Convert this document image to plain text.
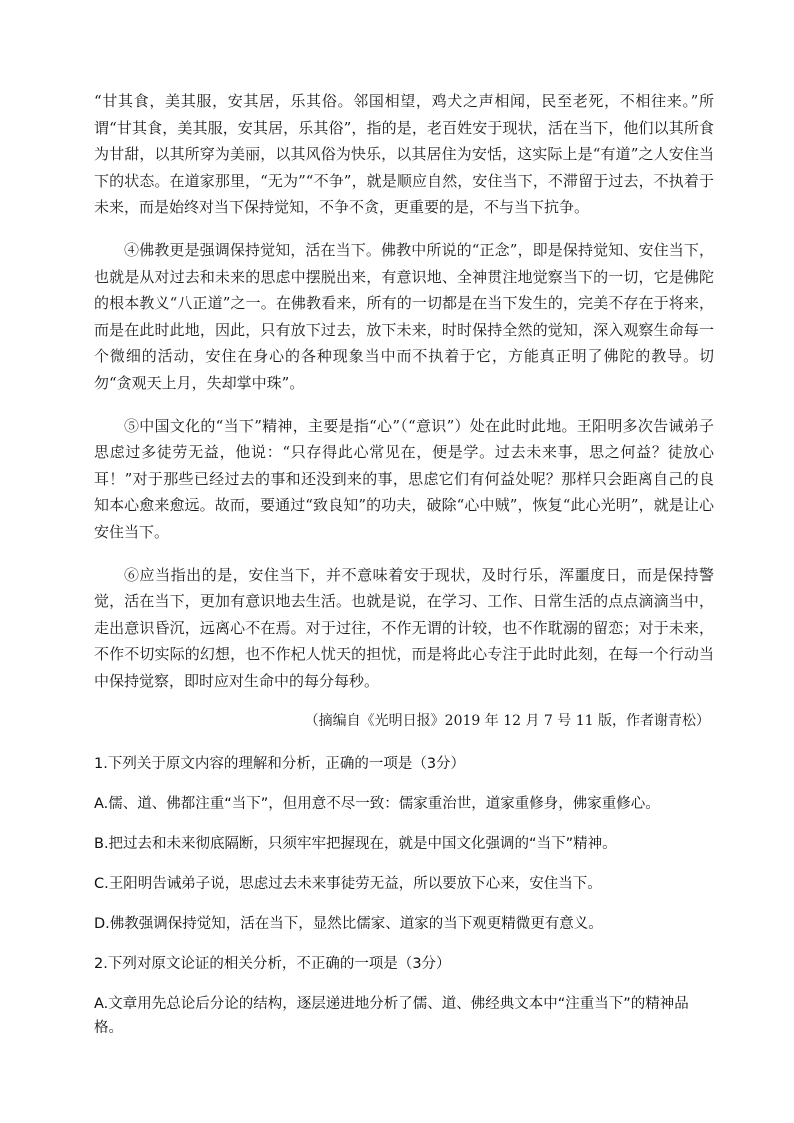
“甘其食，美其服，安其居，乐其俗。邻国相望，鸡犬之声相闻，民至老死，不相往来。”所谓“甘其食，美其服，安其居，乐其俗”，指的是，老百姓安于现状，活在当下，他们以其所食为甘甜，以其所穿为美丽，以其风俗为快乐，以其居住为安恬，这实际上是“有道”之人安住当下的状态。在道家那里，“无为”“不争”，就是顺应自然，安住当下，不滞留于过去，不执着于未来，而是始终对当下保持觉知，不争不贪，更重要的是，不与当下抗争。

④佛教更是强调保持觉知，活在当下。佛教中所说的“正念”，即是保持觉知、安住当下，也就是从对过去和未来的思虑中摆脱出来，有意识地、全神贯注地觉察当下的一切，它是佛陀的根本教义“八正道”之一。在佛教看来，所有的一切都是在当下发生的，完美不存在于将来，而是在此时此地，因此，只有放下过去，放下未来，时时保持全然的觉知，深入观察生命每一个微细的活动，安住在身心的各种现象当中而不执着于它，方能真正明了佛陀的教导。切勿“贪观天上月，失却掌中珠”。

⑤中国文化的“当下”精神，主要是指“心”（“意识”）处在此时此地。王阳明多次告诫弟子思虑过多徒劳无益，他说：“只存得此心常见在，便是学。过去未来事，思之何益？徒放心耳！”对于那些已经过去的事和还没到来的事，思虑它们有何益处呢？那样只会距离自己的良知本心愈来愈远。故而，要通过“致良知”的功夫，破除“心中贼”，恢复“此心光明”，就是让心安住当下。

⑥应当指出的是，安住当下，并不意味着安于现状，及时行乐，浑噩度日，而是保持警觉，活在当下，更加有意识地去生活。也就是说，在学习、工作、日常生活的点点滴滴当中，走出意识昏沉，远离心不在焉。对于过往，不作无谓的计较，也不作耽溺的留恋；对于未来，不作不切实际的幻想，也不作杞人忧天的担忧，而是将此心专注于此时此刻，在每一个行动当中保持觉察，即时应对生命中的每分每秒。

（摘编自《光明日报》2019 年 12 月 7 号 11 版，作者谢青松）
1.下列关于原文内容的理解和分析，正确的一项是（3分）
A.儒、道、佛都注重“当下”，但用意不尽一致：儒家重治世，道家重修身，佛家重修心。
B.把过去和未来彻底隔断，只须牢牢把握现在，就是中国文化强调的“当下”精神。
C.王阳明告诫弟子说，思虑过去未来事徒劳无益，所以要放下心来，安住当下。
D.佛教强调保持觉知，活在当下，显然比儒家、道家的当下观更精微更有意义。
2.下列对原文论证的相关分析，不正确的一项是（3分）
A.文章用先总论后分论的结构，逐层递进地分析了儒、道、佛经典文本中“注重当下”的精神品格。
